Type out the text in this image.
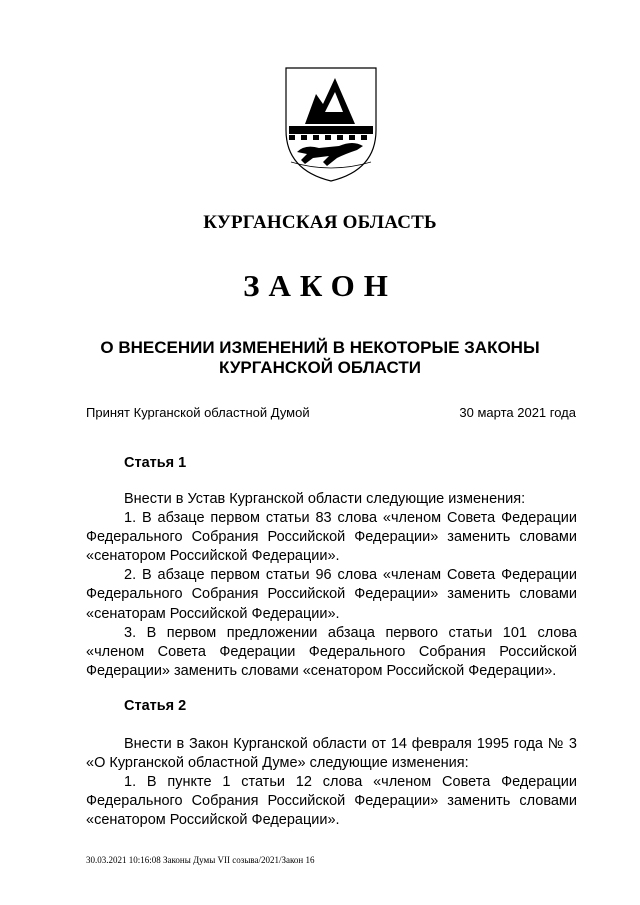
КУРГАНСКАЯ ОБЛАСТЬ
ЗАКОН
О ВНЕСЕНИИ ИЗМЕНЕНИЙ В НЕКОТОРЫЕ ЗАКОНЫ
КУРГАНСКОЙ ОБЛАСТИ
Принят Курганской областной Думой	30 марта 2021 года
Статья 1

Внести в Устав Курганской области следующие изменения:

1. В абзаце первом статьи 83 слова «членом Совета Федерации Федерального Собрания Российской Федерации» заменить словами «сенатором Российской Федерации».

2. В абзаце первом статьи 96 слова «членам Совета Федерации Федерального Собрания Российской Федерации» заменить словами «сенаторам Российской Федерации».

3. В первом предложении абзаца первого статьи 101 слова «членом Совета Федерации Федерального Собрания Российской Федерации» заменить словами «сенатором Российской Федерации».

Статья 2

Внести в Закон Курганской области от 14 февраля 1995 года № 3 «О Курганской областной Думе» следующие изменения:

1. В пункте 1 статьи 12 слова «членом Совета Федерации Федерального Собрания Российской Федерации» заменить словами «сенатором Российской Федерации».

30.03.2021 10:16:08 Законы Думы VII созыва/2021/Закон 16
